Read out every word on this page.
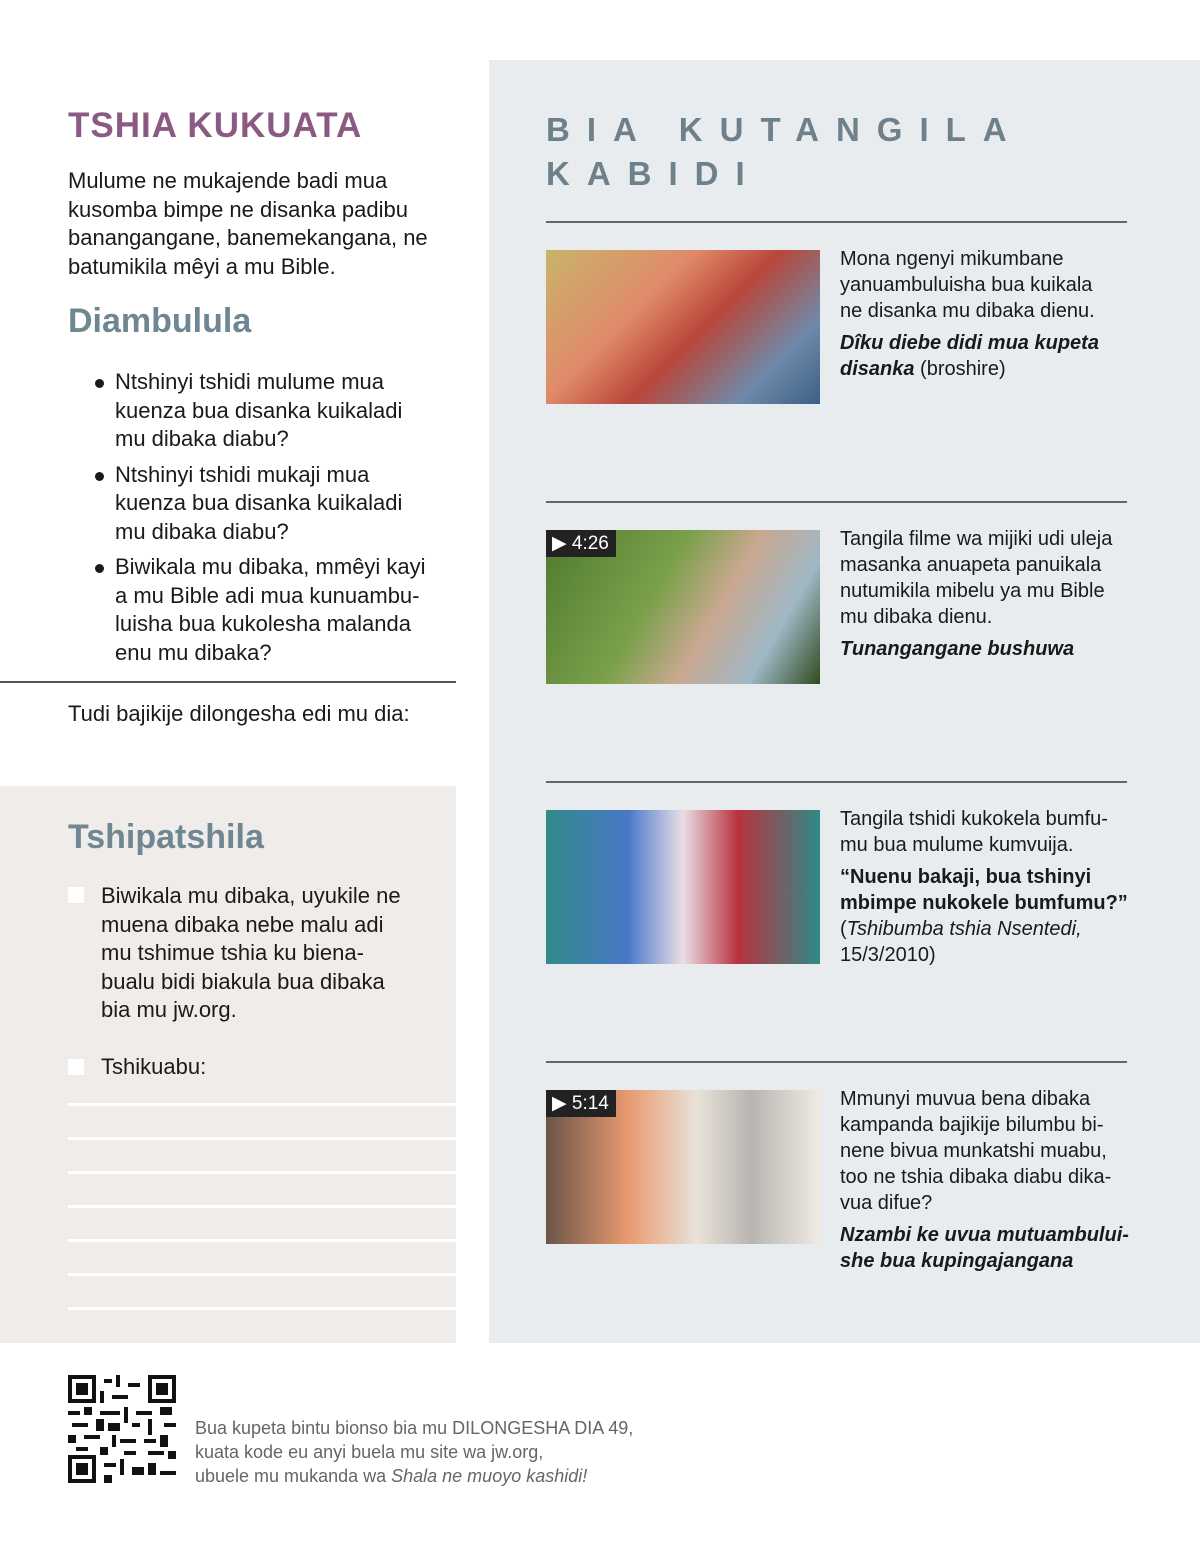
TSHIA KUKUATA
Mulume ne mukajende badi mua
kusomba bimpe ne disanka padibu
banangangane, banemekangana, ne
batumikila mêyi a mu Bible.
Diambulula
Ntshinyi tshidi mulume mua
kuenza bua disanka kuikaladi
mu dibaka diabu?
Ntshinyi tshidi mukaji mua
kuenza bua disanka kuikaladi
mu dibaka diabu?
Biwikala mu dibaka, mmêyi kayi
a mu Bible adi mua kunuambu-
luisha bua kukolesha malanda
enu mu dibaka?
Tudi bajikije dilongesha edi mu dia:
Tshipatshila
Biwikala mu dibaka, uyukile ne
muena dibaka nebe malu adi
mu tshimue tshia ku biena-
bualu bidi biakula bua dibaka
bia mu jw.org.
Tshikuabu:
BIA KUTANGILA
KABIDI
Mona ngenyi mikumbane
yanuambuluisha bua kuikala
ne disanka mu dibaka dienu.
Dîku diebe didi mua kupeta
disanka (broshire)
▶ 4:26	Tangila filme wa mijiki udi uleja
masanka anuapeta panuikala
nutumikila mibelu ya mu Bible
mu dibaka dienu.
Tunangangane bushuwa
Tangila tshidi kukokela bumfu-
mu bua mulume kumvuija.
“Nuenu bakaji, bua tshinyi
mbimpe nukokele bumfumu?”
(Tshibumba tshia Nsentedi,
15/3/2010)
▶ 5:14	Mmunyi muvua bena dibaka
kampanda bajikije bilumbu bi-
nene bivua munkatshi muabu,
too ne tshia dibaka diabu dika-
vua difue?
Nzambi ke uvua mutuambului-
she bua kupingajangana
Bua kupeta bintu bionso bia mu DILONGESHA DIA 49,
kuata kode eu anyi buela mu site wa jw.org,
ubuele mu mukanda wa Shala ne muoyo kashidi!
